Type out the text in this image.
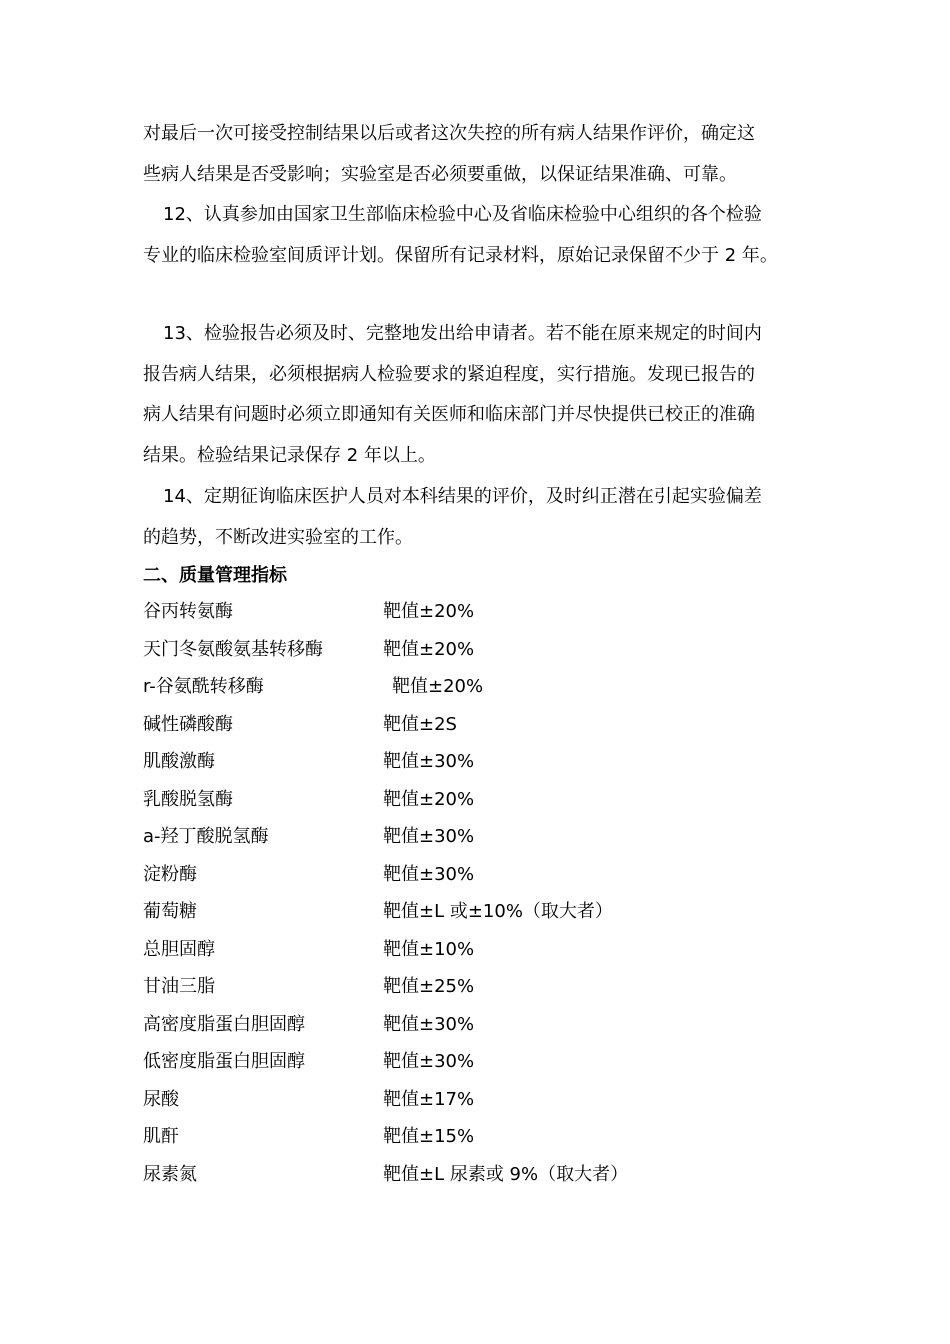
对最后一次可接受控制结果以后或者这次失控的所有病人结果作评价，确定这
些病人结果是否受影响；实验室是否必须要重做，以保证结果准确、可靠。

12、认真参加由国家卫生部临床检验中心及省临床检验中心组织的各个检验
专业的临床检验室间质评计划。保留所有记录材料，原始记录保留不少于 2 年。

13、检验报告必须及时、完整地发出给申请者。若不能在原来规定的时间内
报告病人结果，必须根据病人检验要求的紧迫程度，实行措施。发现已报告的
病人结果有问题时必须立即通知有关医师和临床部门并尽快提供已校正的准确
结果。检验结果记录保存 2 年以上。

14、定期征询临床医护人员对本科结果的评价，及时纠正潜在引起实验偏差
的趋势，不断改进实验室的工作。

二、质量管理指标
谷丙转氨酶	靶值±20%
天门冬氨酸氨基转移酶	靶值±20%
r-谷氨酰转移酶	靶值±20%
碱性磷酸酶	靶值±2S
肌酸激酶	靶值±30%
乳酸脱氢酶	靶值±20%
a-羟丁酸脱氢酶	靶值±30%
淀粉酶	靶值±30%
葡萄糖	靶值±L 或±10%（取大者）
总胆固醇	靶值±10%
甘油三脂	靶值±25%
高密度脂蛋白胆固醇	靶值±30%
低密度脂蛋白胆固醇	靶值±30%
尿酸	靶值±17%
肌酐	靶值±15%
尿素氮	靶值±L 尿素或 9%（取大者）
